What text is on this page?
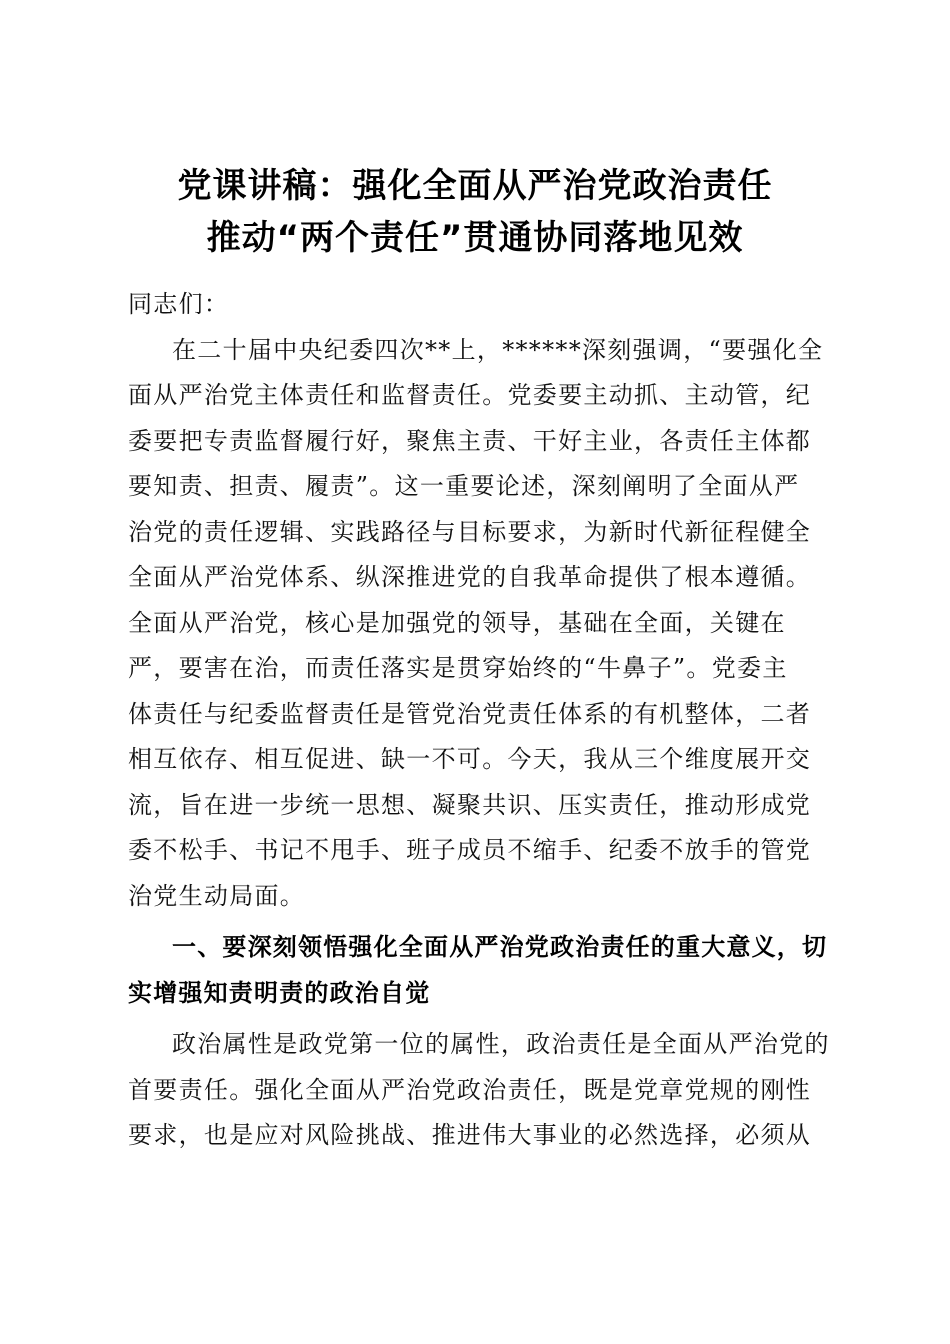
党课讲稿：强化全面从严治党政治责任
推动“两个责任”贯通协同落地见效
同志们：
在二十届中央纪委四次**上，******深刻强调，“要强化全
面从严治党主体责任和监督责任。党委要主动抓、主动管，纪
委要把专责监督履行好，聚焦主责、干好主业，各责任主体都
要知责、担责、履责”。这一重要论述，深刻阐明了全面从严
治党的责任逻辑、实践路径与目标要求，为新时代新征程健全
全面从严治党体系、纵深推进党的自我革命提供了根本遵循。
全面从严治党，核心是加强党的领导，基础在全面，关键在
严，要害在治，而责任落实是贯穿始终的“牛鼻子”。党委主
体责任与纪委监督责任是管党治党责任体系的有机整体，二者
相互依存、相互促进、缺一不可。今天，我从三个维度展开交
流，旨在进一步统一思想、凝聚共识、压实责任，推动形成党
委不松手、书记不甩手、班子成员不缩手、纪委不放手的管党
治党生动局面。
一、要深刻领悟强化全面从严治党政治责任的重大意义，切
实增强知责明责的政治自觉
政治属性是政党第一位的属性，政治责任是全面从严治党的
首要责任。强化全面从严治党政治责任，既是党章党规的刚性
要求，也是应对风险挑战、推进伟大事业的必然选择，必须从
